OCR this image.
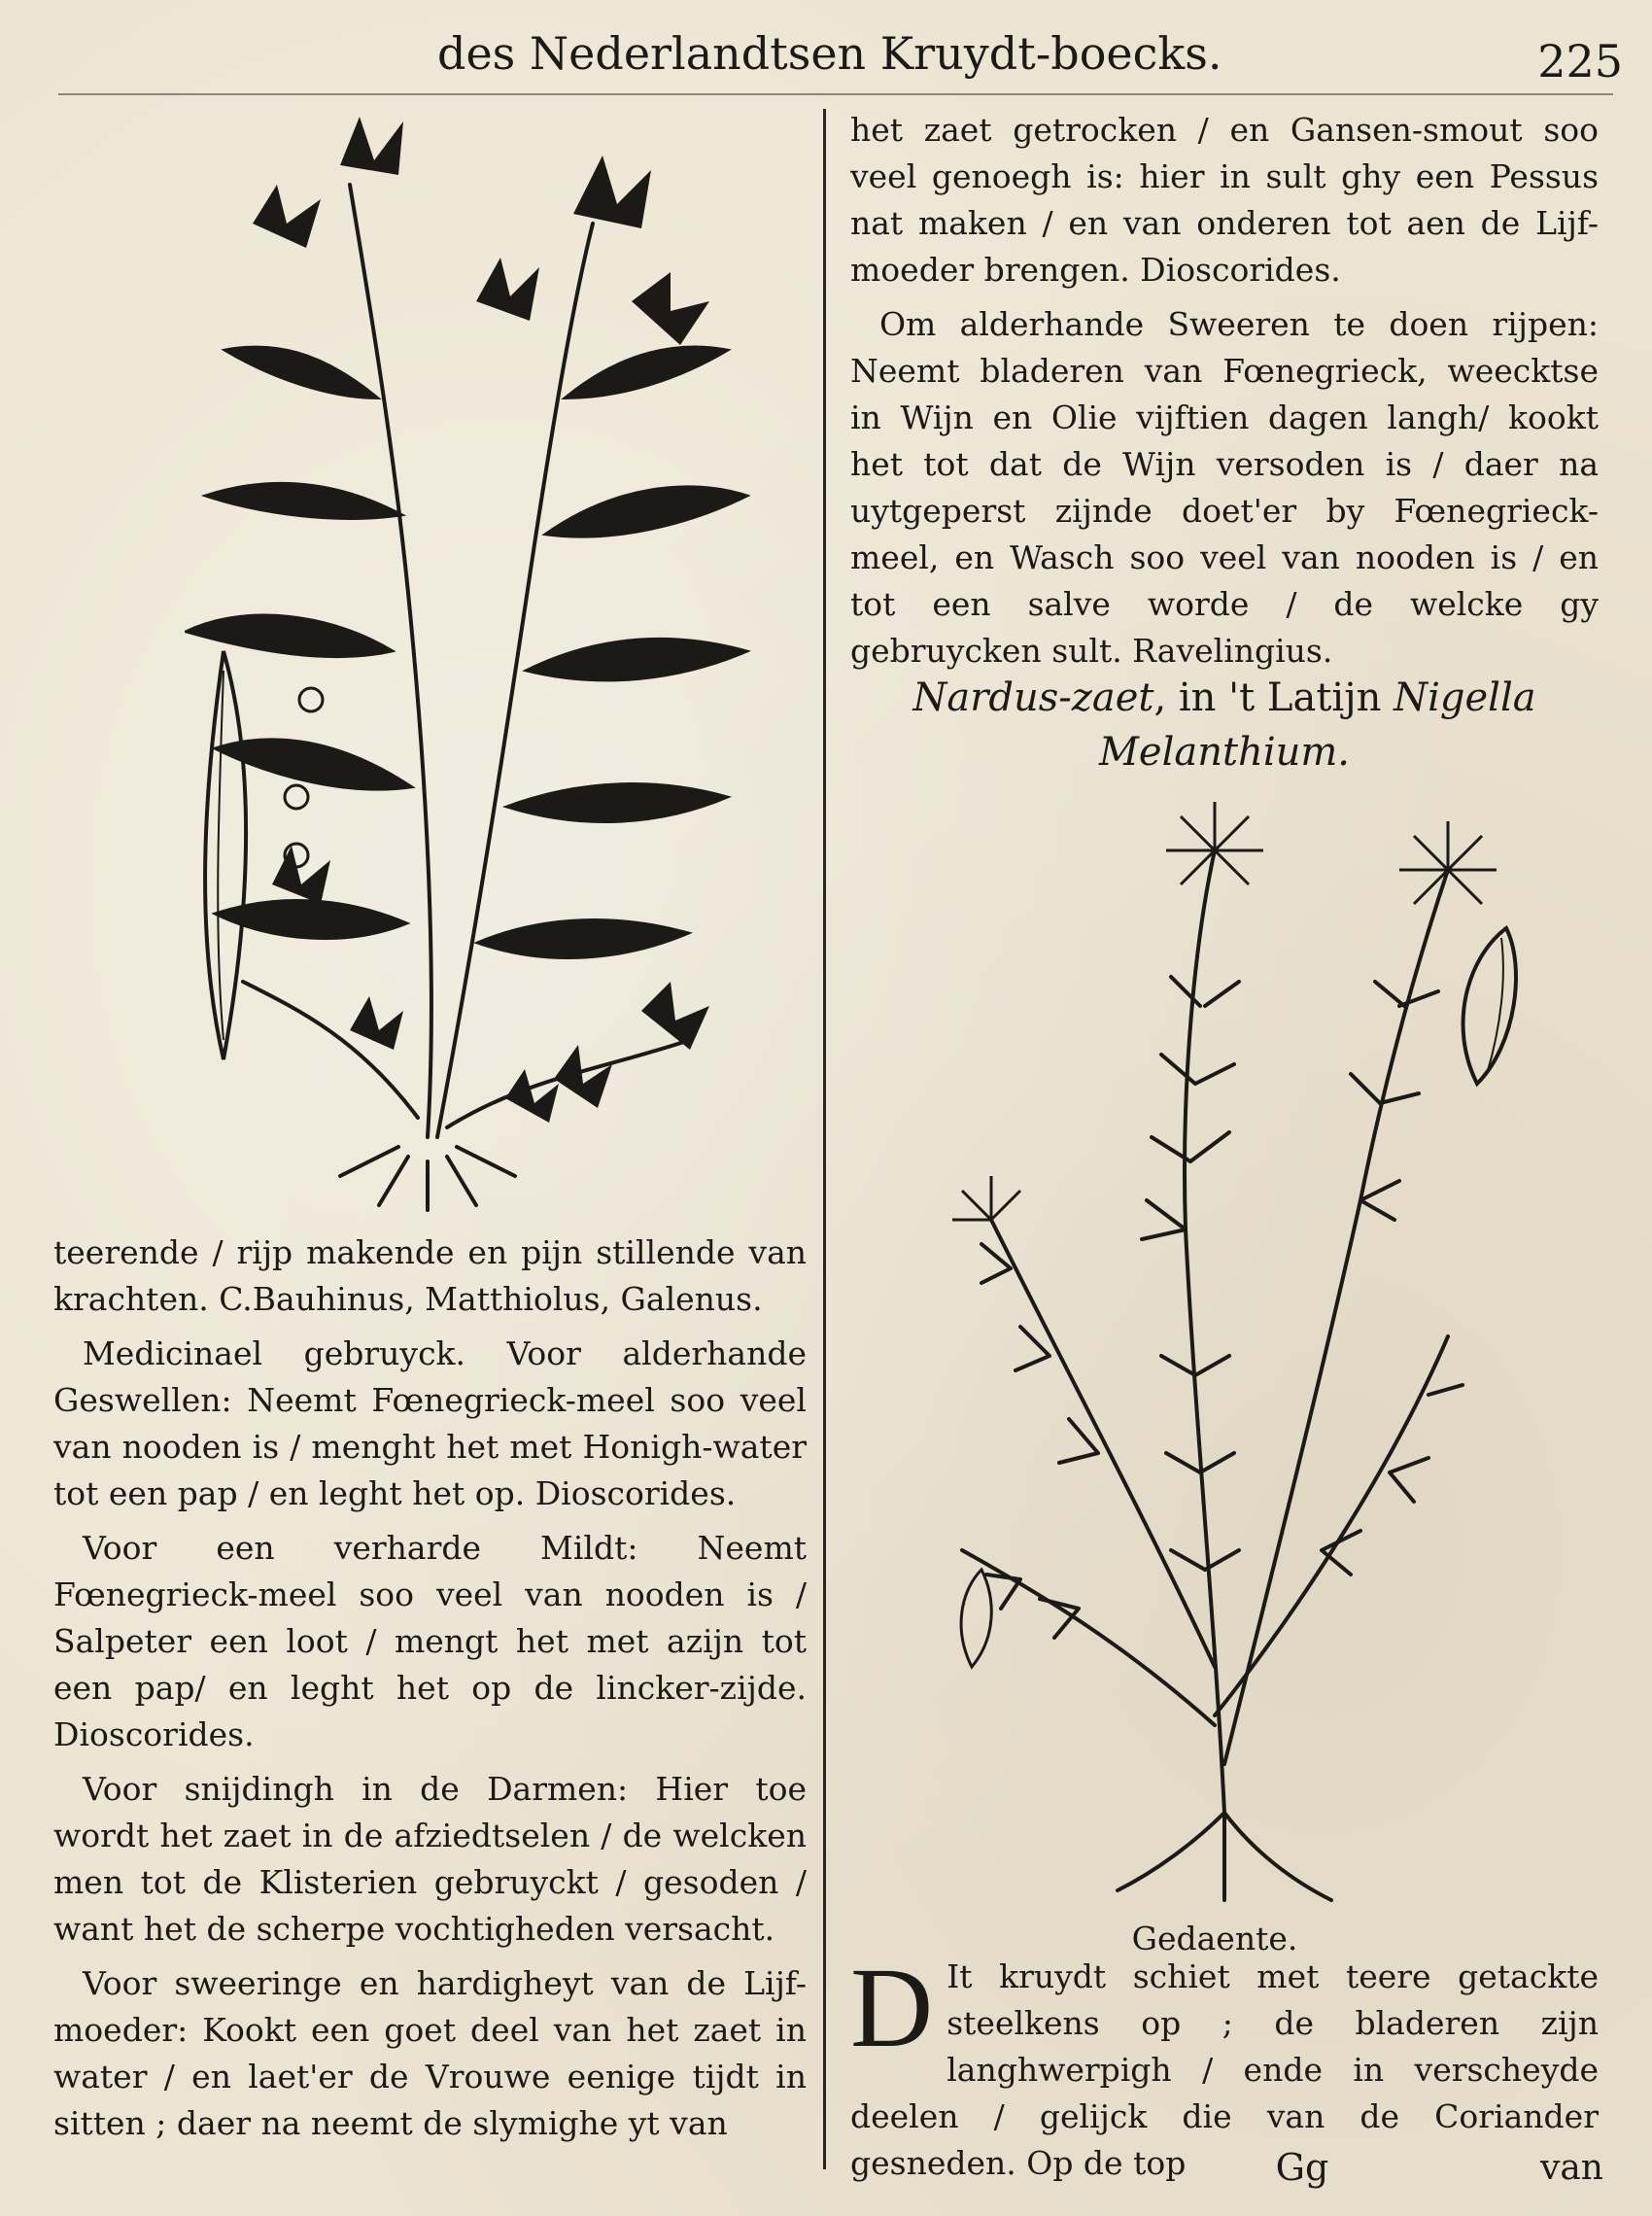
des Nederlandtsen Kruydt-boecks.	225

het zaet getrocken / en Gansen-smout soo veel genoegh is: hier in sult ghy een Pessus nat maken / en van onderen tot aen de Lijf-moeder brengen. Dioscorides.

Om alderhande Sweeren te doen rijpen: Neemt bladeren van Fœnegrieck, weecktse in Wijn en Olie vijftien dagen langh/ kookt het tot dat de Wijn versoden is / daer na uytgeperst zijnde doet'er by Fœnegrieck-meel, en Wasch soo veel van nooden is / en tot een salve worde / de welcke gy gebruycken sult. Ravelingius.

Nardus-zaet, in 't Latijn Nigella Melanthium.

teerende / rijp makende en pijn stillende van krachten. C.Bauhinus, Matthiolus, Galenus.

Medicinael gebruyck. Voor alderhande Geswellen: Neemt Fœnegrieck-meel soo veel van nooden is / menght het met Honigh-water tot een pap / en leght het op. Dioscorides.

Voor een verharde Mildt: Neemt Fœnegrieck-meel soo veel van nooden is / Salpeter een loot / mengt het met azijn tot een pap/ en leght het op de lincker-zijde. Dioscorides.

Voor snijdingh in de Darmen: Hier toe wordt het zaet in de afziedtselen / de welcken men tot de Klisterien gebruyckt / gesoden / want het de scherpe vochtigheden versacht.

Voor sweeringe en hardigheyt van de Lijf-moeder: Kookt een goet deel van het zaet in water / en laet'er de Vrouwe eenige tijdt in sitten ; daer na neemt de slymighe yt van

Gedaente.

D It kruydt schiet met teere getackte steelkens op ; de bladeren zijn langhwerpigh / ende in verscheyde deelen / gelijck die van de Coriander gesneden. Op de top	Gg	van
